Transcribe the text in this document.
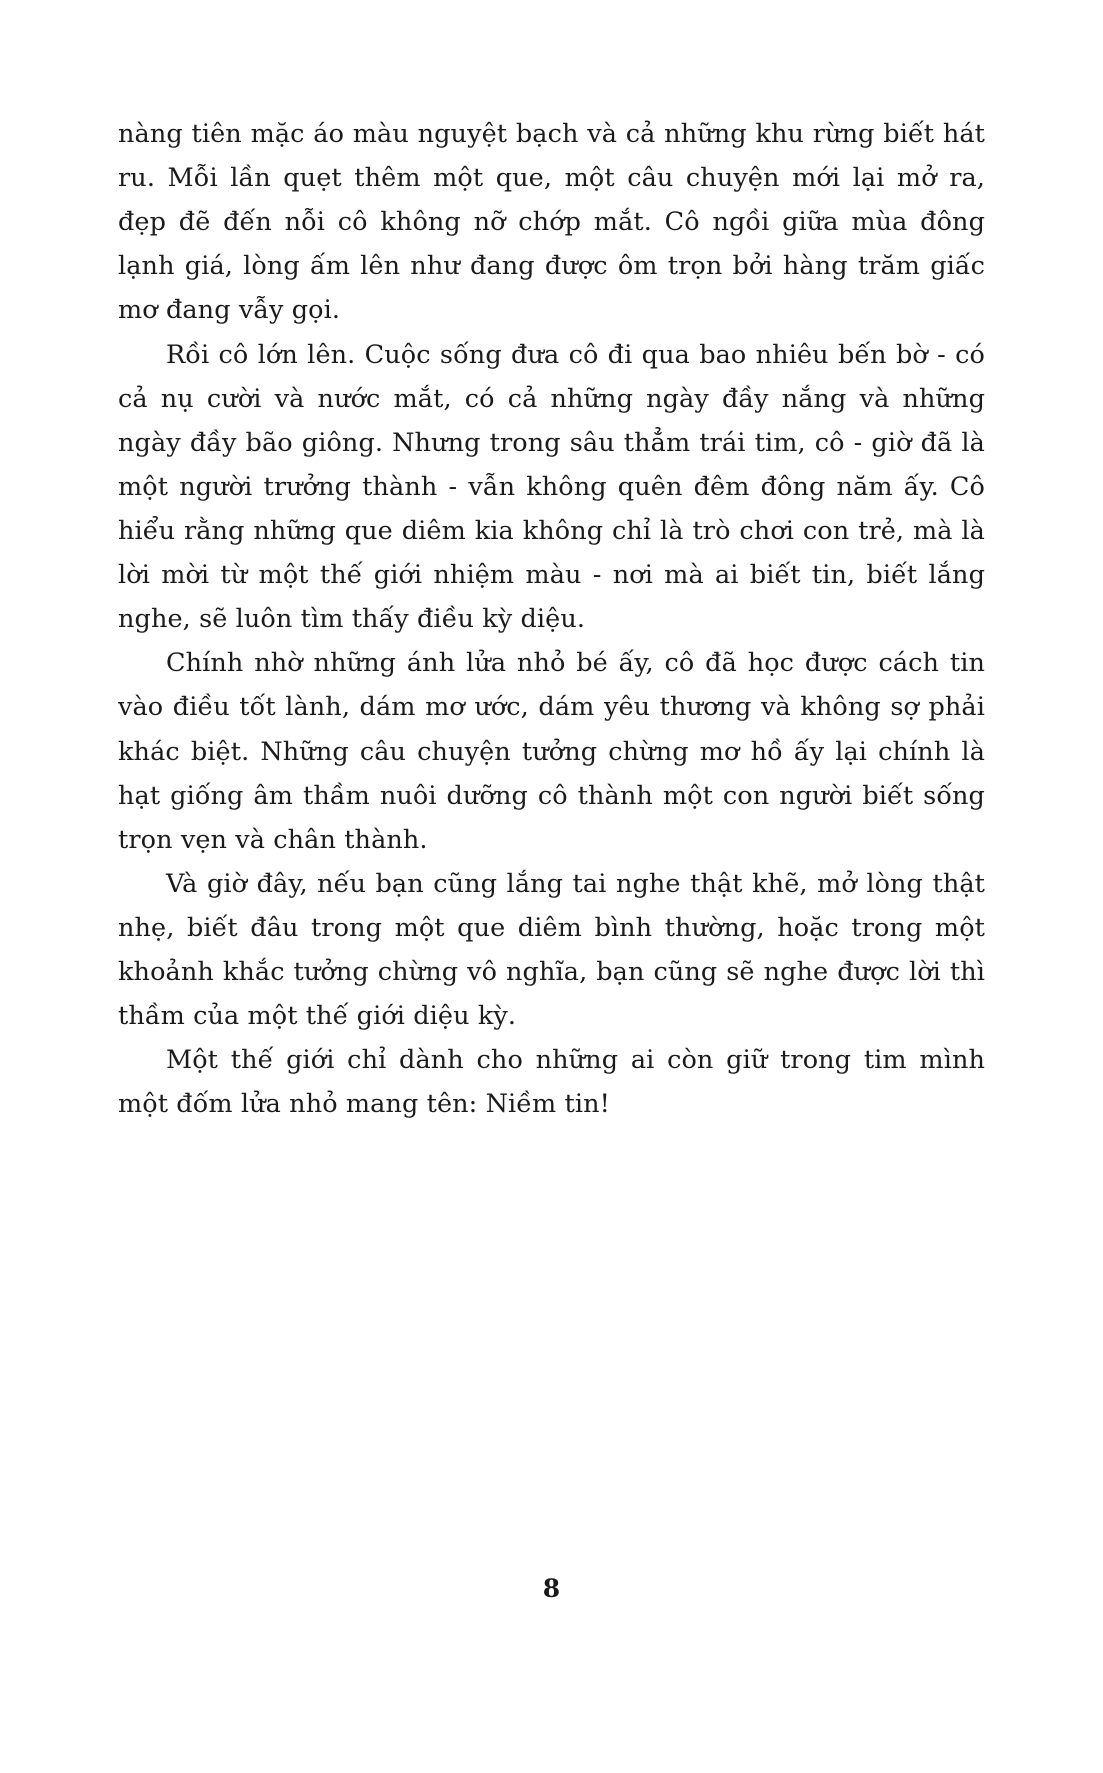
nàng tiên mặc áo màu nguyệt bạch và cả những khu rừng biết hát ru. Mỗi lần quẹt thêm một que, một câu chuyện mới lại mở ra, đẹp đẽ đến nỗi cô không nỡ chớp mắt. Cô ngồi giữa mùa đông lạnh giá, lòng ấm lên như đang được ôm trọn bởi hàng trăm giấc mơ đang vẫy gọi.

Rồi cô lớn lên. Cuộc sống đưa cô đi qua bao nhiêu bến bờ - có cả nụ cười và nước mắt, có cả những ngày đầy nắng và những ngày đầy bão giông. Nhưng trong sâu thẳm trái tim, cô - giờ đã là một người trưởng thành - vẫn không quên đêm đông năm ấy. Cô hiểu rằng những que diêm kia không chỉ là trò chơi con trẻ, mà là lời mời từ một thế giới nhiệm màu - nơi mà ai biết tin, biết lắng nghe, sẽ luôn tìm thấy điều kỳ diệu.

Chính nhờ những ánh lửa nhỏ bé ấy, cô đã học được cách tin vào điều tốt lành, dám mơ ước, dám yêu thương và không sợ phải khác biệt. Những câu chuyện tưởng chừng mơ hồ ấy lại chính là hạt giống âm thầm nuôi dưỡng cô thành một con người biết sống trọn vẹn và chân thành.

Và giờ đây, nếu bạn cũng lắng tai nghe thật khẽ, mở lòng thật nhẹ, biết đâu trong một que diêm bình thường, hoặc trong một khoảnh khắc tưởng chừng vô nghĩa, bạn cũng sẽ nghe được lời thì thầm của một thế giới diệu kỳ.

Một thế giới chỉ dành cho những ai còn giữ trong tim mình một đốm lửa nhỏ mang tên: Niềm tin!

8
